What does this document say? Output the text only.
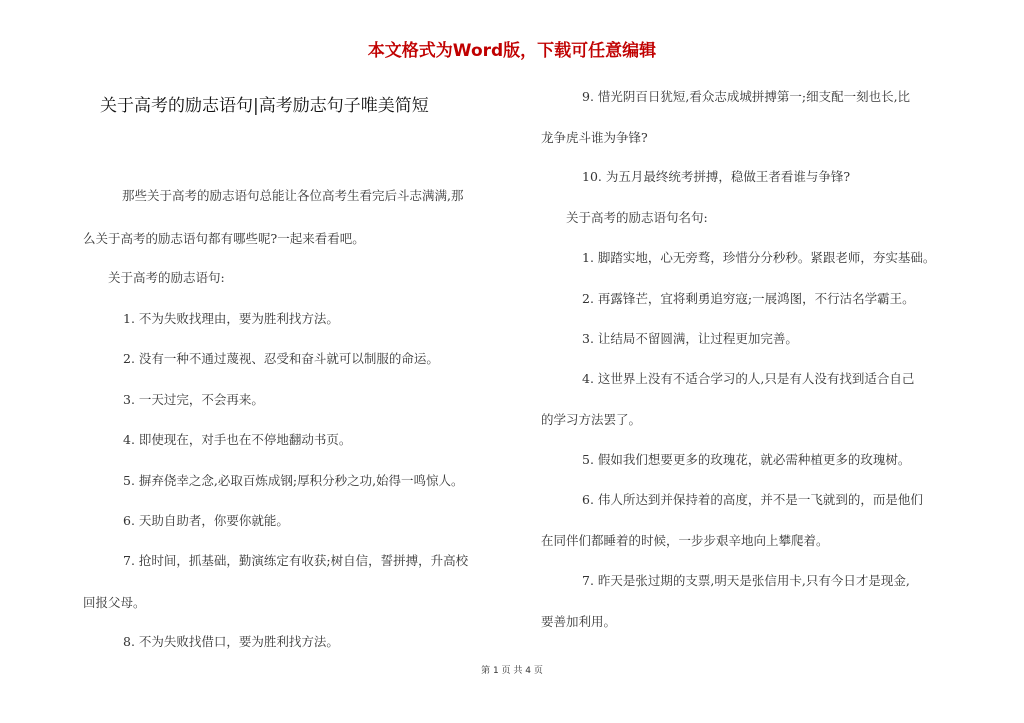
本文格式为Word版，下载可任意编辑
关于高考的励志语句|高考励志句子唯美简短

那些关于高考的励志语句总能让各位高考生看完后斗志满满,那

么关于高考的励志语句都有哪些呢?一起来看看吧。

关于高考的励志语句:

1. 不为失败找理由，要为胜利找方法。

2. 没有一种不通过蔑视、忍受和奋斗就可以制服的命运。

3. 一天过完，不会再来。

4. 即使现在，对手也在不停地翻动书页。

5. 摒弃侥幸之念,必取百炼成钢;厚积分秒之功,始得一鸣惊人。

6. 天助自助者，你要你就能。

7. 抢时间，抓基础，勤演练定有收获;树自信，誓拼搏，升高校

回报父母。

8. 不为失败找借口，要为胜利找方法。

9. 惜光阴百日犹短,看众志成城拼搏第一;细支配一刻也长,比

龙争虎斗谁为争锋?

10. 为五月最终统考拼搏，稳做王者看谁与争锋?

关于高考的励志语句名句:

1. 脚踏实地，心无旁骛，珍惜分分秒秒。紧跟老师，夯实基础。

2. 再露锋芒，宜将剩勇追穷寇;一展鸿图，不行沽名学霸王。

3. 让结局不留圆满，让过程更加完善。

4. 这世界上没有不适合学习的人,只是有人没有找到适合自己

的学习方法罢了。

5. 假如我们想要更多的玫瑰花，就必需种植更多的玫瑰树。

6. 伟人所达到并保持着的高度，并不是一飞就到的，而是他们

在同伴们都睡着的时候，一步步艰辛地向上攀爬着。

7. 昨天是张过期的支票,明天是张信用卡,只有今日才是现金,

要善加利用。

第 1 页 共 4 页
